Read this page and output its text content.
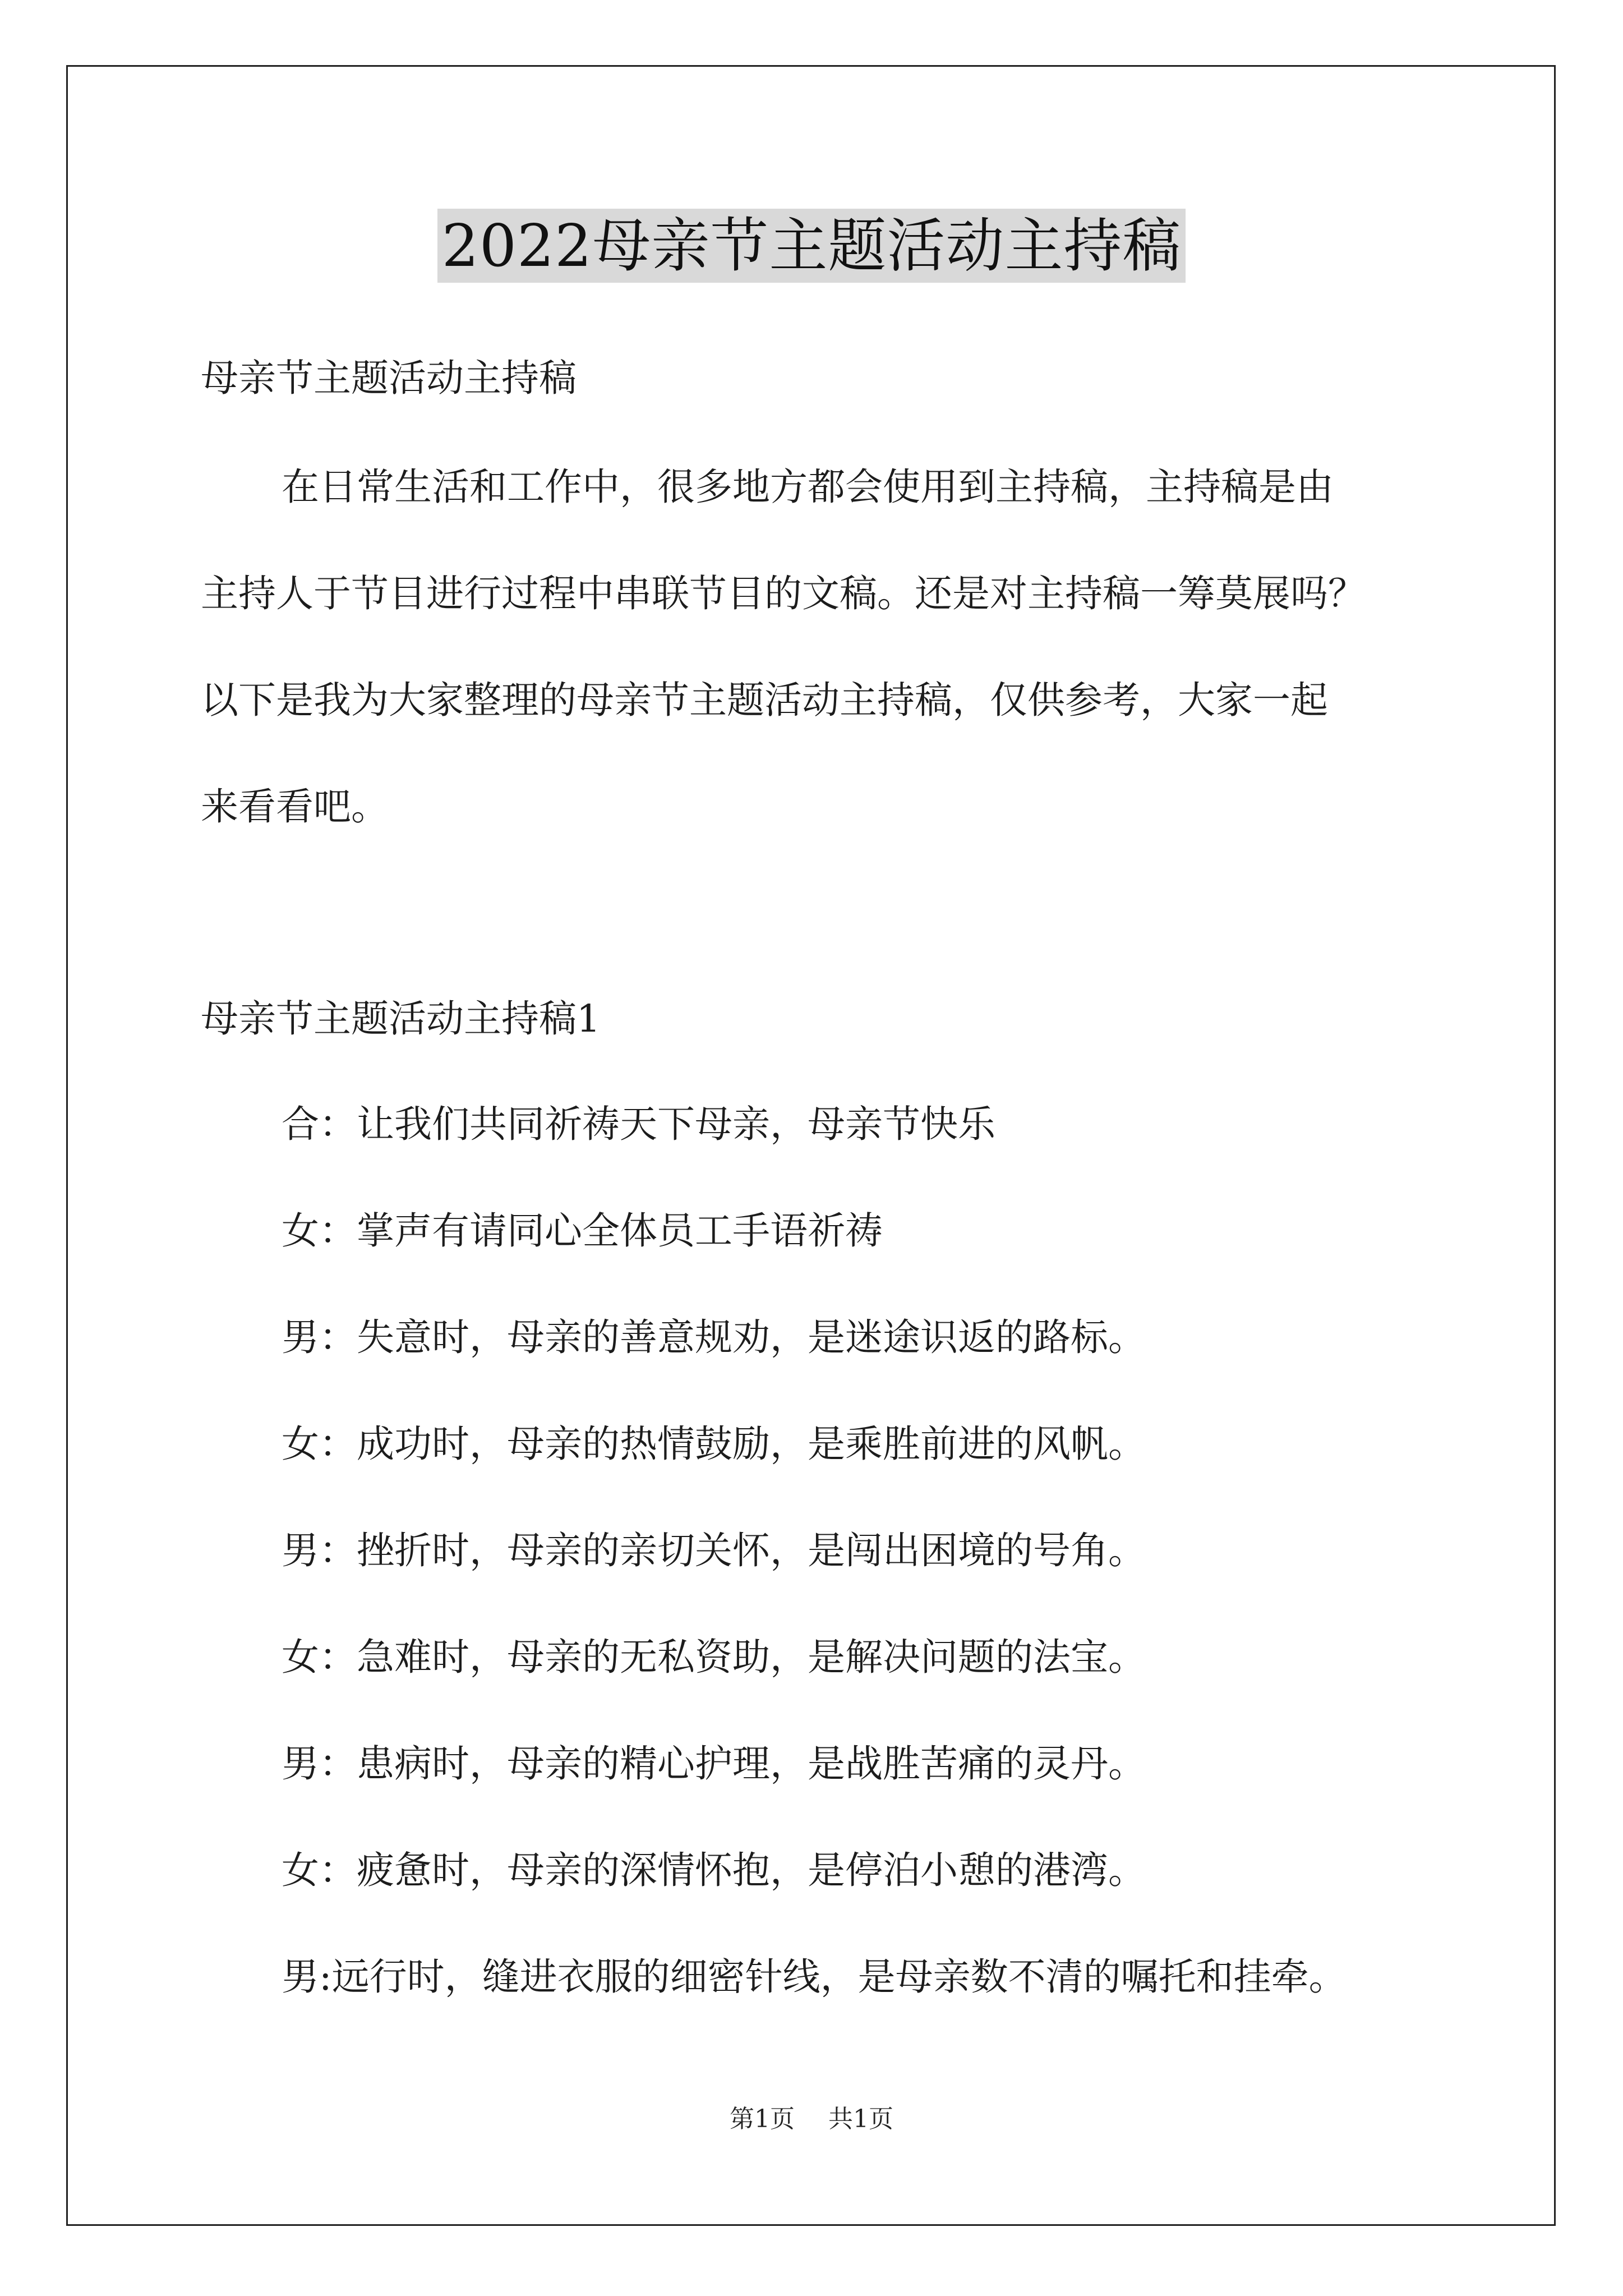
2022母亲节主题活动主持稿
母亲节主题活动主持稿
在日常生活和工作中，很多地方都会使用到主持稿，主持稿是由
主持人于节目进行过程中串联节目的文稿。还是对主持稿一筹莫展吗？
以下是我为大家整理的母亲节主题活动主持稿，仅供参考，大家一起
来看看吧。
母亲节主题活动主持稿1
合：让我们共同祈祷天下母亲，母亲节快乐
女：掌声有请同心全体员工手语祈祷
男：失意时，母亲的善意规劝，是迷途识返的路标。
女：成功时，母亲的热情鼓励，是乘胜前进的风帆。
男：挫折时，母亲的亲切关怀，是闯出困境的号角。
女：急难时，母亲的无私资助，是解决问题的法宝。
男：患病时，母亲的精心护理，是战胜苦痛的灵丹。
女：疲惫时，母亲的深情怀抱，是停泊小憩的港湾。
男:远行时，缝进衣服的细密针线，是母亲数不清的嘱托和挂牵。
第1页 共1页
